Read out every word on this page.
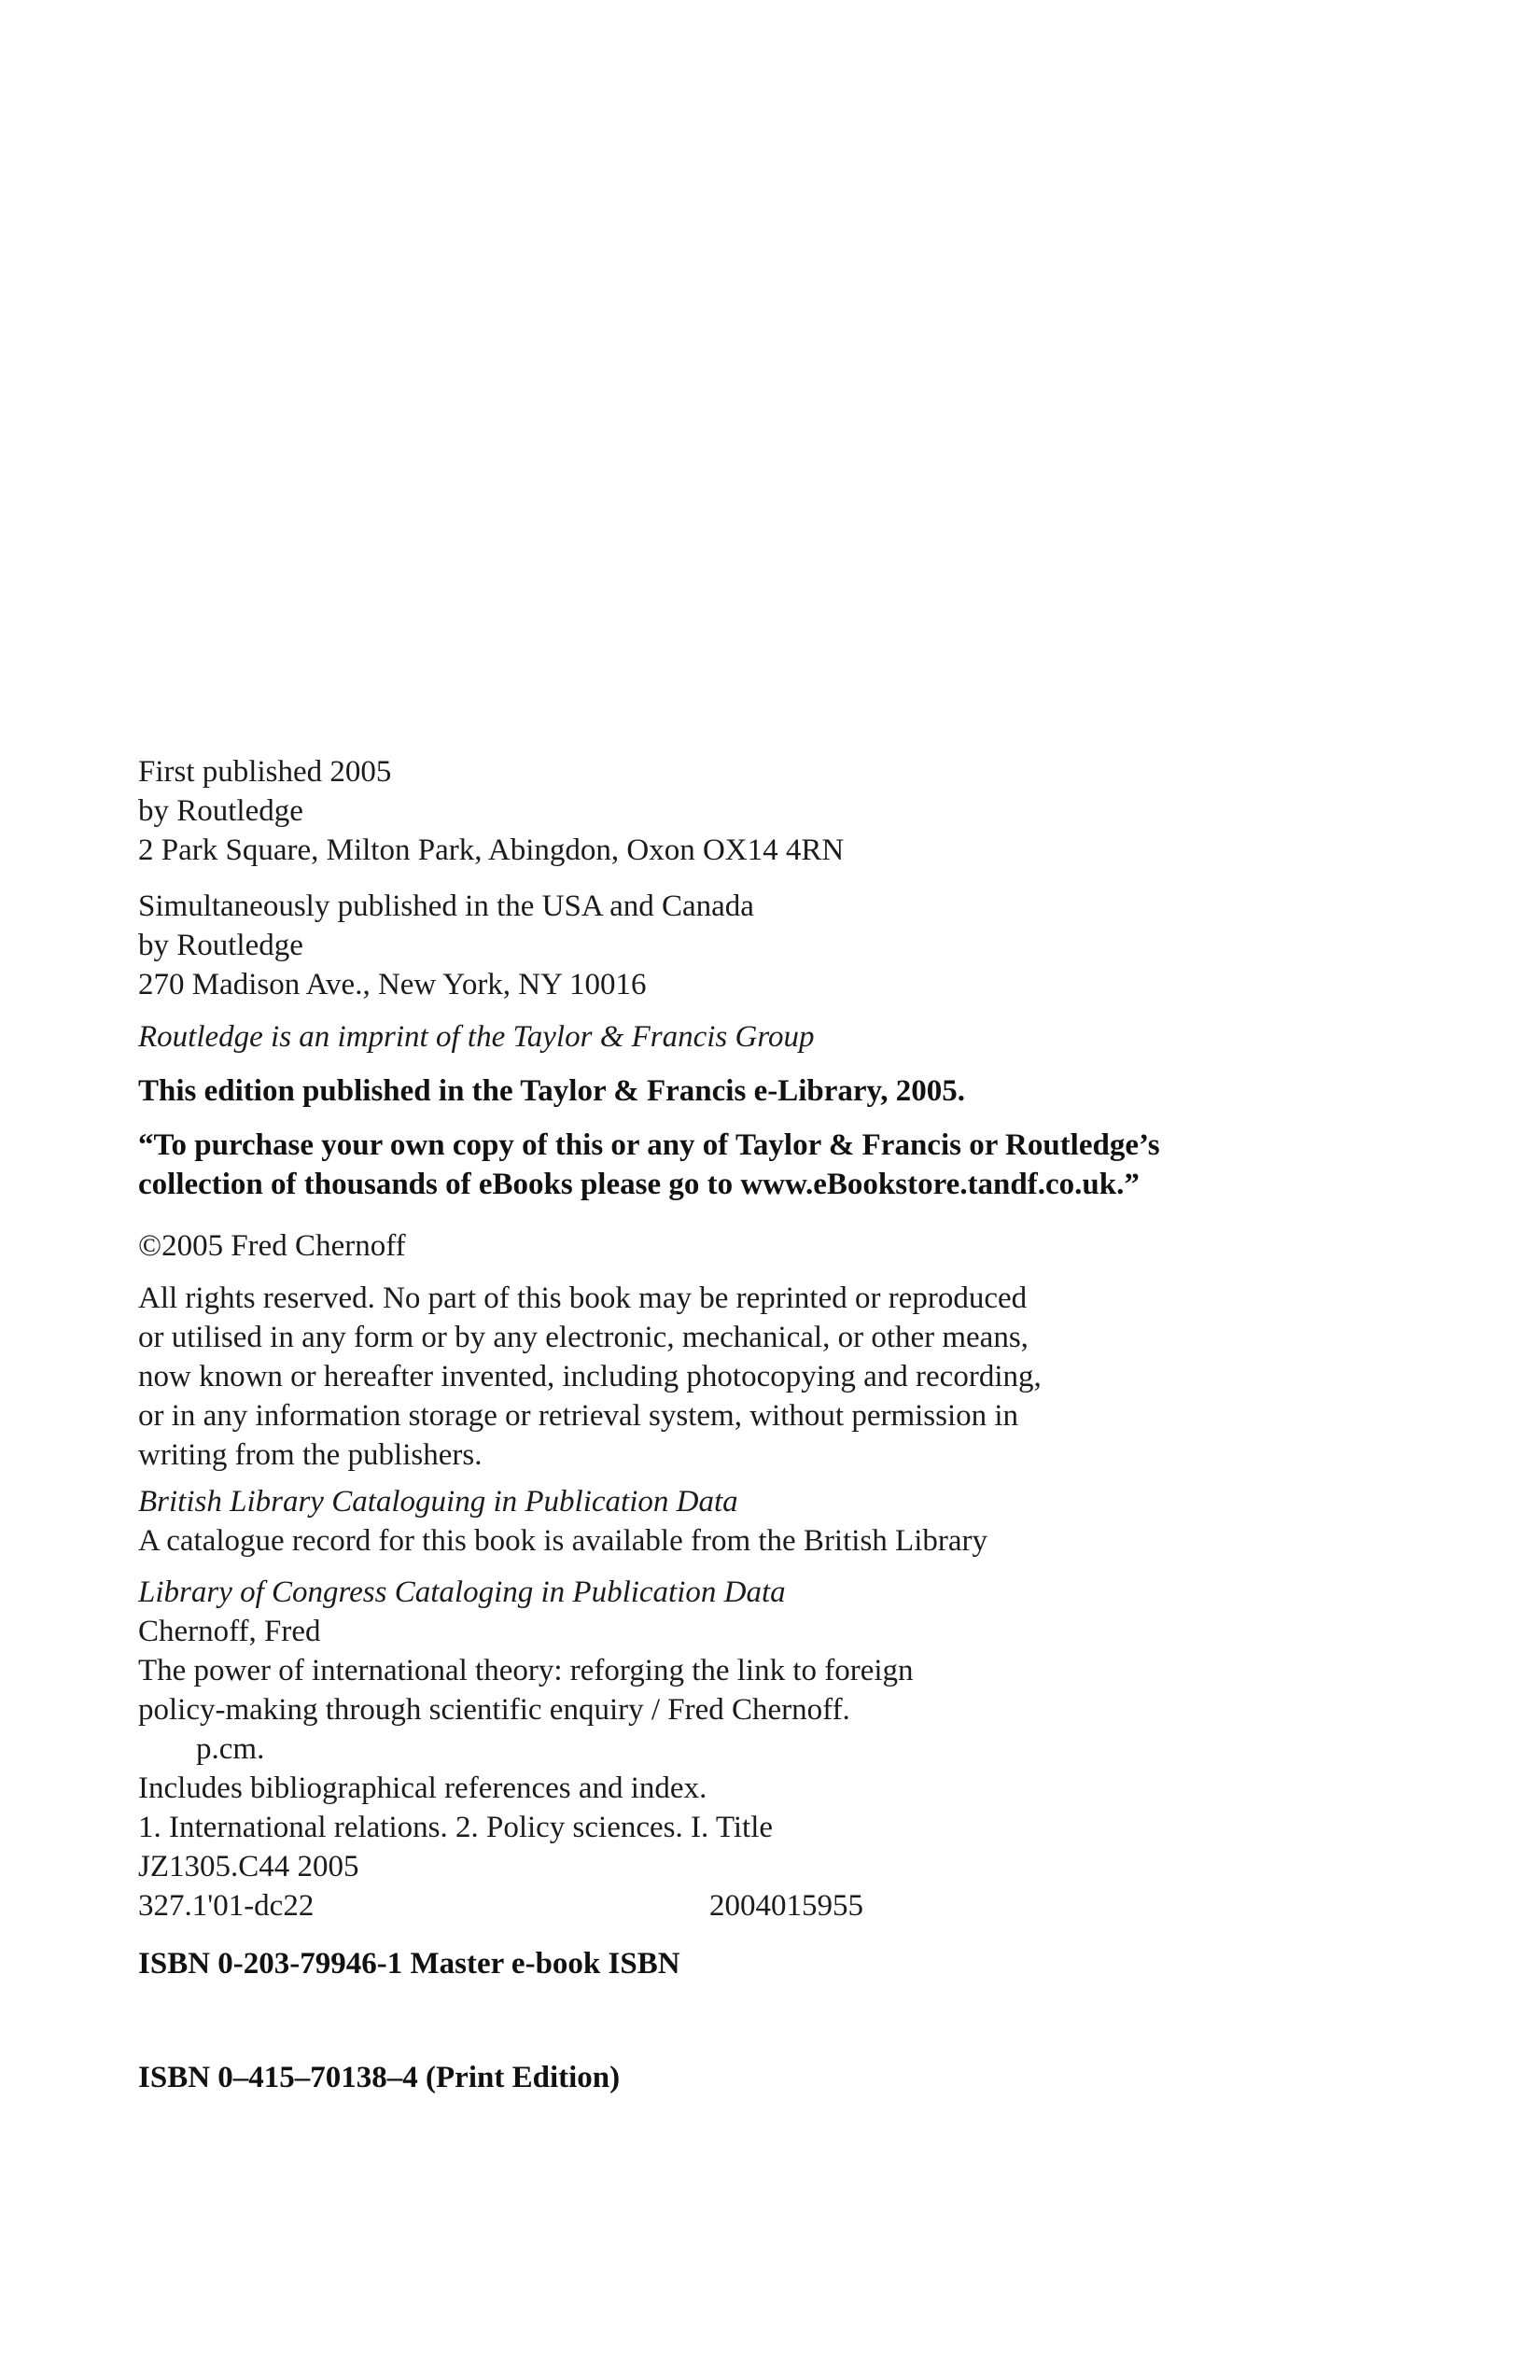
First published 2005
by Routledge
2 Park Square, Milton Park, Abingdon, Oxon OX14 4RN
Simultaneously published in the USA and Canada
by Routledge
270 Madison Ave., New York, NY 10016
Routledge is an imprint of the Taylor & Francis Group
This edition published in the Taylor & Francis e-Library, 2005.
“To purchase your own copy of this or any of Taylor & Francis or Routledge’s
collection of thousands of eBooks please go to www.eBookstore.tandf.co.uk.”
©2005 Fred Chernoff
All rights reserved. No part of this book may be reprinted or reproduced
or utilised in any form or by any electronic, mechanical, or other means,
now known or hereafter invented, including photocopying and recording,
or in any information storage or retrieval system, without permission in
writing from the publishers.
British Library Cataloguing in Publication Data
A catalogue record for this book is available from the British Library
Library of Congress Cataloging in Publication Data
Chernoff, Fred
The power of international theory: reforging the link to foreign
policy-making through scientific enquiry / Fred Chernoff.
p.cm.
Includes bibliographical references and index.
1. International relations. 2. Policy sciences. I. Title
JZ1305.C44 2005
327.1'01-dc22	2004015955
ISBN 0-203-79946-1 Master e-book ISBN
ISBN 0–415–70138–4 (Print Edition)
